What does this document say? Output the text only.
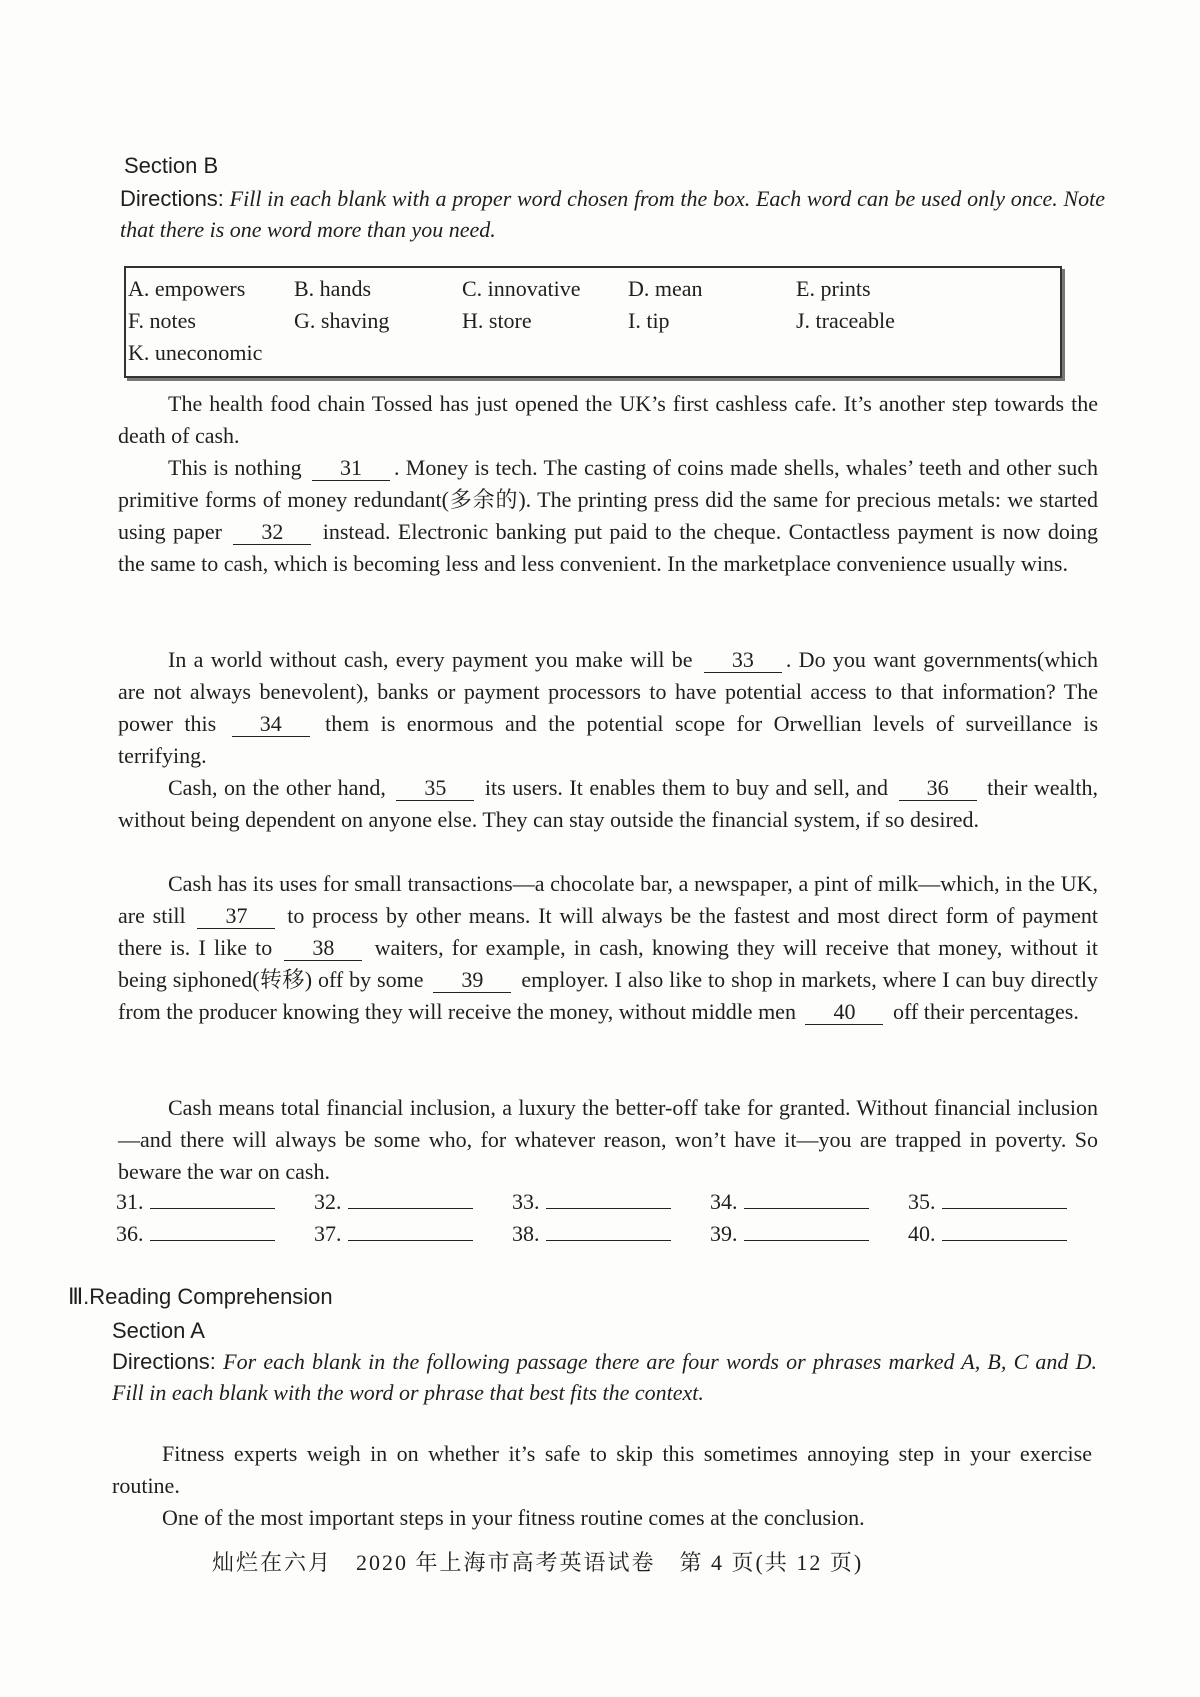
Section B
Directions: Fill in each blank with a proper word chosen from the box. Each word can be used only once. Note that there is one word more than you need.
A. empowers B. hands	C. innovative D. mean	E. prints
F. notes	G. shaving	H. store	I. tip	J. traceable
K. uneconomic

The health food chain Tossed has just opened the UK’s first cashless cafe. It’s another step towards the death of cash.

This is nothing 31 . Money is tech. The casting of coins made shells, whales’ teeth and other such primitive forms of money redundant(多余的). The printing press did the same for precious metals: we started using paper 32 instead. Electronic banking put paid to the cheque. Contactless payment is now doing the same to cash, which is becoming less and less convenient. In the marketplace convenience usually wins.

In a world without cash, every payment you make will be 33 . Do you want governments(which are not always benevolent), banks or payment processors to have potential access to that information? The power this 34 them is enormous and the potential scope for Orwellian levels of surveillance is terrifying.

Cash, on the other hand, 35 its users. It enables them to buy and sell, and 36 their wealth, without being dependent on anyone else. They can stay outside the financial system, if so desired.

Cash has its uses for small transactions—a chocolate bar, a newspaper, a pint of milk—which, in the UK, are still 37 to process by other means. It will always be the fastest and most direct form of payment there is. I like to 38 waiters, for example, in cash, knowing they will receive that money, without it being siphoned(转移) off by some 39 employer. I also like to shop in markets, where I can buy directly from the producer knowing they will receive the money, without middle men 40 off their percentages.

Cash means total financial inclusion, a luxury the better-off take for granted. Without financial inclusion—and there will always be some who, for whatever reason, won’t have it—you are trapped in poverty. So beware the war on cash.

31.	32.	33.	34.	35.
36.	37.	38.	39.	40.
Ⅲ.Reading Comprehension
Section A
Directions: For each blank in the following passage there are four words or phrases marked A, B, C and D. Fill in each blank with the word or phrase that best fits the context.

Fitness experts weigh in on whether it’s safe to skip this sometimes annoying step in your exercise routine.

One of the most important steps in your fitness routine comes at the conclusion.

灿烂在六月　2020 年上海市高考英语试卷　第 4 页(共 12 页)
